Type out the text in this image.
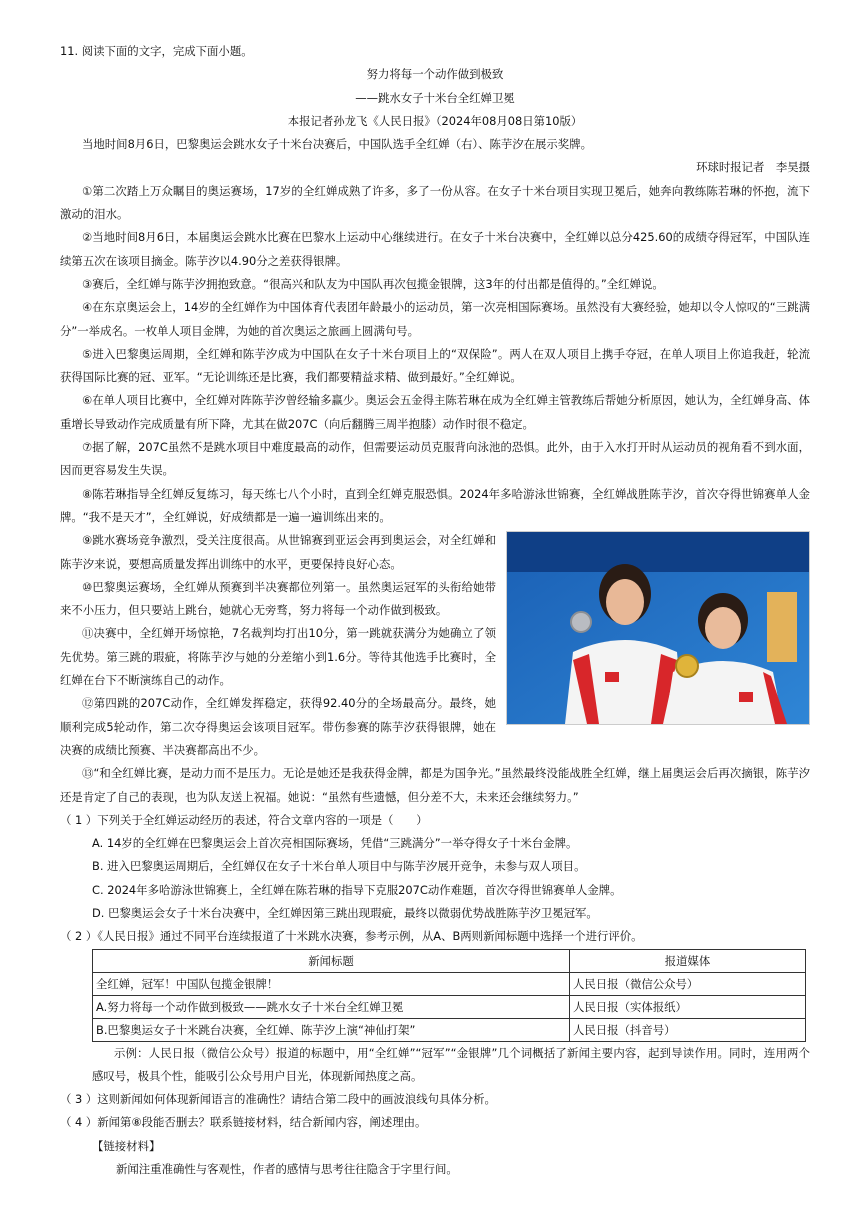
11. 阅读下面的文字，完成下面小题。
努力将每一个动作做到极致
——跳水女子十米台全红婵卫冕
本报记者孙龙飞《人民日报》（2024年08月08日第10版）
当地时间8月6日，巴黎奥运会跳水女子十米台决赛后，中国队选手全红婵（右）、陈芋汐在展示奖牌。
环球时报记者　李昊摄
①第二次踏上万众瞩目的奥运赛场，17岁的全红婵成熟了许多，多了一份从容。在女子十米台项目实现卫冕后，她奔向教练陈若琳的怀抱，流下激动的泪水。
②当地时间8月6日，本届奥运会跳水比赛在巴黎水上运动中心继续进行。在女子十米台决赛中，全红婵以总分425.60的成绩夺得冠军，中国队连续第五次在该项目摘金。陈芋汐以4.90分之差获得银牌。
③赛后，全红婵与陈芋汐拥抱致意。“很高兴和队友为中国队再次包揽金银牌，这3年的付出都是值得的。”全红婵说。
④在东京奥运会上，14岁的全红婵作为中国体育代表团年龄最小的运动员，第一次亮相国际赛场。虽然没有大赛经验，她却以令人惊叹的“三跳满分”一举成名。一枚单人项目金牌，为她的首次奥运之旅画上圆满句号。
⑤进入巴黎奥运周期，全红婵和陈芋汐成为中国队在女子十米台项目上的“双保险”。两人在双人项目上携手夺冠，在单人项目上你追我赶，轮流获得国际比赛的冠、亚军。“无论训练还是比赛，我们都要精益求精、做到最好。”全红婵说。
⑥在单人项目比赛中，全红婵对阵陈芋汐曾经输多赢少。奥运会五金得主陈若琳在成为全红婵主管教练后帮她分析原因，她认为，全红婵身高、体重增长导致动作完成质量有所下降，尤其在做207C（向后翻腾三周半抱膝）动作时很不稳定。
⑦据了解，207C虽然不是跳水项目中难度最高的动作，但需要运动员克服背向泳池的恐惧。此外，由于入水打开时从运动员的视角看不到水面，因而更容易发生失误。
⑧陈若琳指导全红婵反复练习，每天练七八个小时，直到全红婵克服恐惧。2024年多哈游泳世锦赛，全红婵战胜陈芋汐，首次夺得世锦赛单人金牌。“我不是天才”，全红婵说，好成绩都是一遍一遍训练出来的。
⑨跳水赛场竞争激烈，受关注度很高。从世锦赛到亚运会再到奥运会，对全红婵和陈芋汐来说，要想高质量发挥出训练中的水平，更要保持良好心态。
⑩巴黎奥运赛场，全红婵从预赛到半决赛都位列第一。虽然奥运冠军的头衔给她带来不小压力，但只要站上跳台，她就心无旁骛，努力将每一个动作做到极致。
⑪决赛中，全红婵开场惊艳，7名裁判均打出10分，第一跳就获满分为她确立了领先优势。第三跳的瑕疵，将陈芋汐与她的分差缩小到1.6分。等待其他选手比赛时，全红婵在台下不断演练自己的动作。
⑫第四跳的207C动作，全红婵发挥稳定，获得92.40分的全场最高分。最终，她顺利完成5轮动作，第二次夺得奥运会该项目冠军。带伤参赛的陈芋汐获得银牌，她在决赛的成绩比预赛、半决赛都高出不少。
⑬“和全红婵比赛，是动力而不是压力。无论是她还是我获得金牌，都是为国争光。”虽然最终没能战胜全红婵，继上届奥运会后再次摘银，陈芋汐还是肯定了自己的表现，也为队友送上祝福。她说：“虽然有些遗憾，但分差不大，未来还会继续努力。”
（ 1 ）下列关于全红婵运动经历的表述，符合文章内容的一项是（　　）
A. 14岁的全红婵在巴黎奥运会上首次亮相国际赛场，凭借“三跳满分”一举夺得女子十米台金牌。
B. 进入巴黎奥运周期后，全红婵仅在女子十米台单人项目中与陈芋汐展开竞争，未参与双人项目。
C. 2024年多哈游泳世锦赛上，全红婵在陈若琳的指导下克服207C动作难题，首次夺得世锦赛单人金牌。
D. 巴黎奥运会女子十米台决赛中，全红婵因第三跳出现瑕疵，最终以微弱优势战胜陈芋汐卫冕冠军。
（ 2 ）《人民日报》通过不同平台连续报道了十米跳水决赛，参考示例，从A、B两则新闻标题中选择一个进行评价。
新闻标题	报道媒体
全红婵，冠军！中国队包揽金银牌！	人民日报（微信公众号）
A.努力将每一个动作做到极致——跳水女子十米台全红婵卫冕	人民日报（实体报纸）
B.巴黎奥运女子十米跳台决赛，全红婵、陈芋汐上演“神仙打架”	人民日报（抖音号）
示例：人民日报（微信公众号）报道的标题中，用“全红婵”“冠军”“金银牌”几个词概括了新闻主要内容，起到导读作用。同时，连用两个感叹号，极具个性，能吸引公众号用户目光，体现新闻热度之高。
（ 3 ）这则新闻如何体现新闻语言的准确性？请结合第二段中的画波浪线句具体分析。
（ 4 ）新闻第⑧段能否删去？联系链接材料，结合新闻内容，阐述理由。
【链接材料】
新闻注重准确性与客观性，作者的感情与思考往往隐含于字里行间。
